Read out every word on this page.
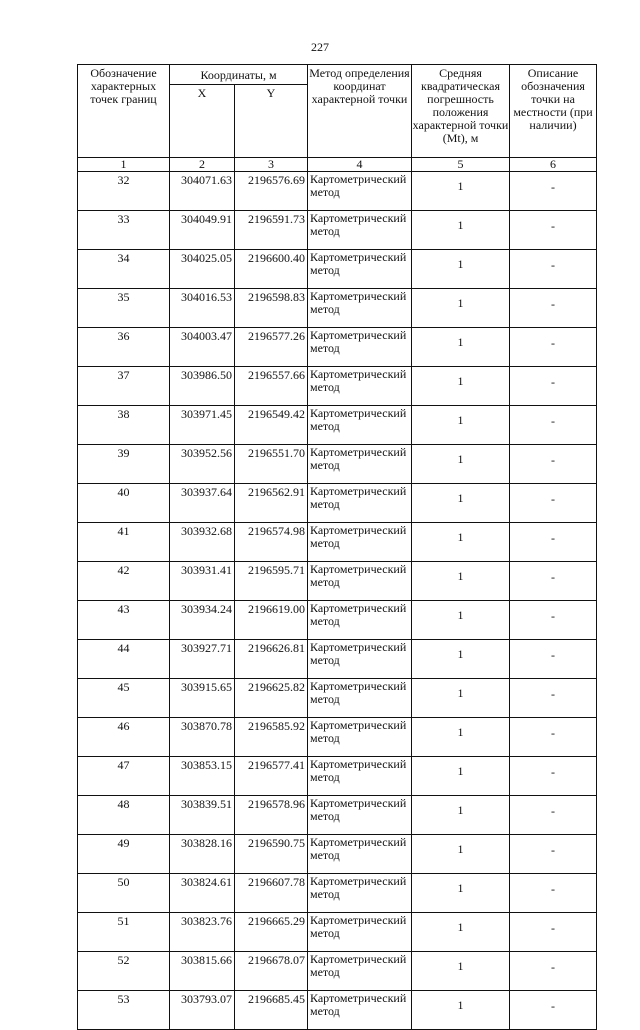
227
Обозначение характерных точек границ	Координаты, м		Метод определения координат характерной точки	Средняя квадратическая погрешность положения характерной точки (Mt), м	Описание обозначения точки на местности (при наличии)
	X	Y			
1	2	3	4	5	6
32	304071.63	2196576.69	Картометрический метод	1	-
33	304049.91	2196591.73	Картометрический метод	1	-
34	304025.05	2196600.40	Картометрический метод	1	-
35	304016.53	2196598.83	Картометрический метод	1	-
36	304003.47	2196577.26	Картометрический метод	1	-
37	303986.50	2196557.66	Картометрический метод	1	-
38	303971.45	2196549.42	Картометрический метод	1	-
39	303952.56	2196551.70	Картометрический метод	1	-
40	303937.64	2196562.91	Картометрический метод	1	-
41	303932.68	2196574.98	Картометрический метод	1	-
42	303931.41	2196595.71	Картометрический метод	1	-
43	303934.24	2196619.00	Картометрический метод	1	-
44	303927.71	2196626.81	Картометрический метод	1	-
45	303915.65	2196625.82	Картометрический метод	1	-
46	303870.78	2196585.92	Картометрический метод	1	-
47	303853.15	2196577.41	Картометрический метод	1	-
48	303839.51	2196578.96	Картометрический метод	1	-
49	303828.16	2196590.75	Картометрический метод	1	-
50	303824.61	2196607.78	Картометрический метод	1	-
51	303823.76	2196665.29	Картометрический метод	1	-
52	303815.66	2196678.07	Картометрический метод	1	-
53	303793.07	2196685.45	Картометрический метод	1	-
